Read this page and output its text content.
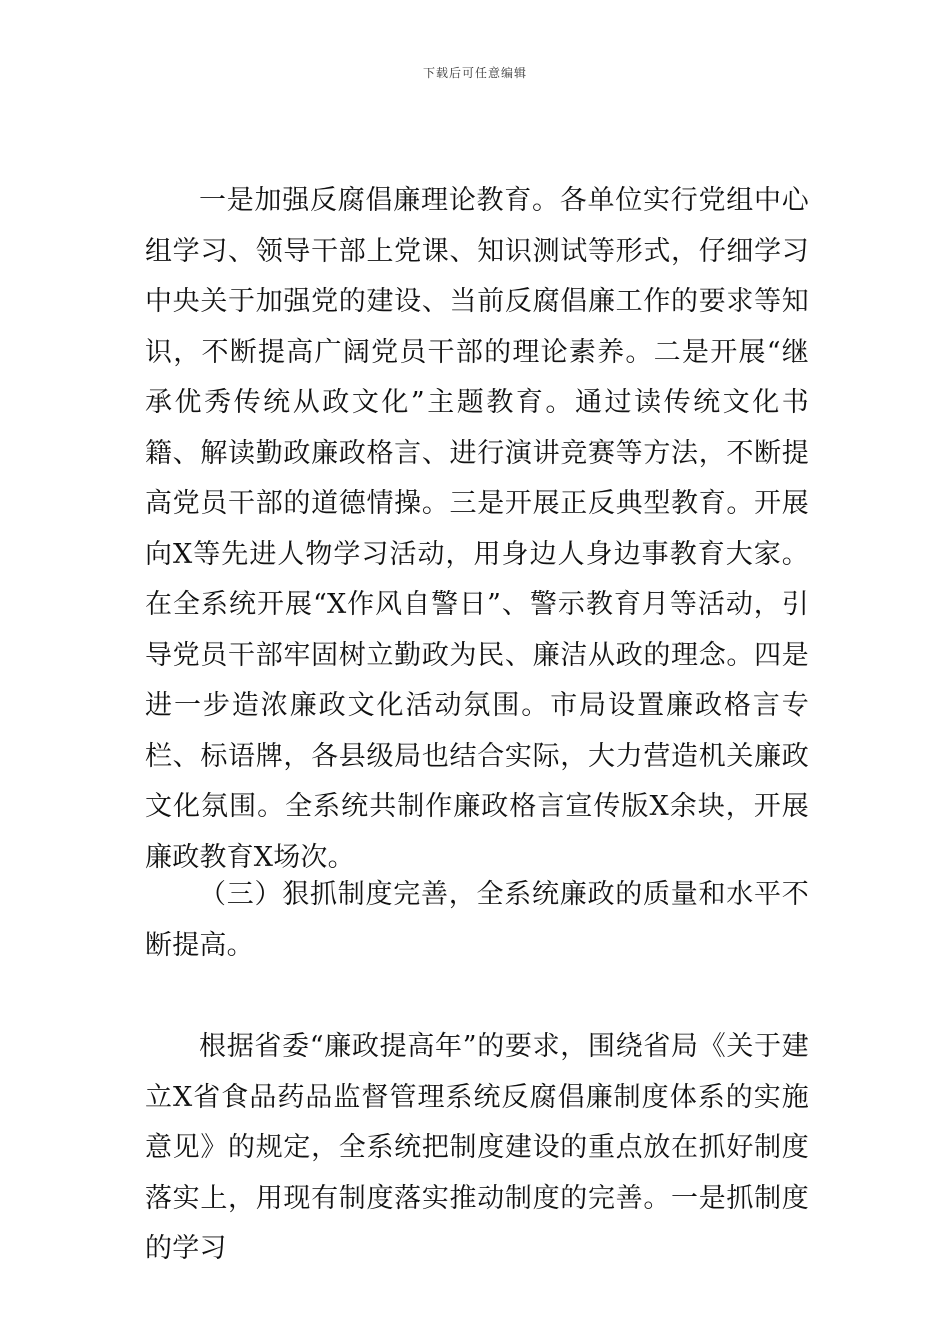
下载后可任意编辑

一是加强反腐倡廉理论教育。各单位实行党组中心组学习、领导干部上党课、知识测试等形式，仔细学习中央关于加强党的建设、当前反腐倡廉工作的要求等知识，不断提高广阔党员干部的理论素养。二是开展“继承优秀传统从政文化”主题教育。通过读传统文化书籍、解读勤政廉政格言、进行演讲竞赛等方法，不断提高党员干部的道德情操。三是开展正反典型教育。开展向X等先进人物学习活动，用身边人身边事教育大家。在全系统开展“X作风自警日”、警示教育月等活动，引导党员干部牢固树立勤政为民、廉洁从政的理念。四是进一步造浓廉政文化活动氛围。市局设置廉政格言专栏、标语牌，各县级局也结合实际，大力营造机关廉政文化氛围。全系统共制作廉政格言宣传版X余块，开展廉政教育X场次。

（三）狠抓制度完善，全系统廉政的质量和水平不断提高。

根据省委“廉政提高年”的要求，围绕省局《关于建立X省食品药品监督管理系统反腐倡廉制度体系的实施意见》的规定，全系统把制度建设的重点放在抓好制度落实上，用现有制度落实推动制度的完善。一是抓制度的学习
